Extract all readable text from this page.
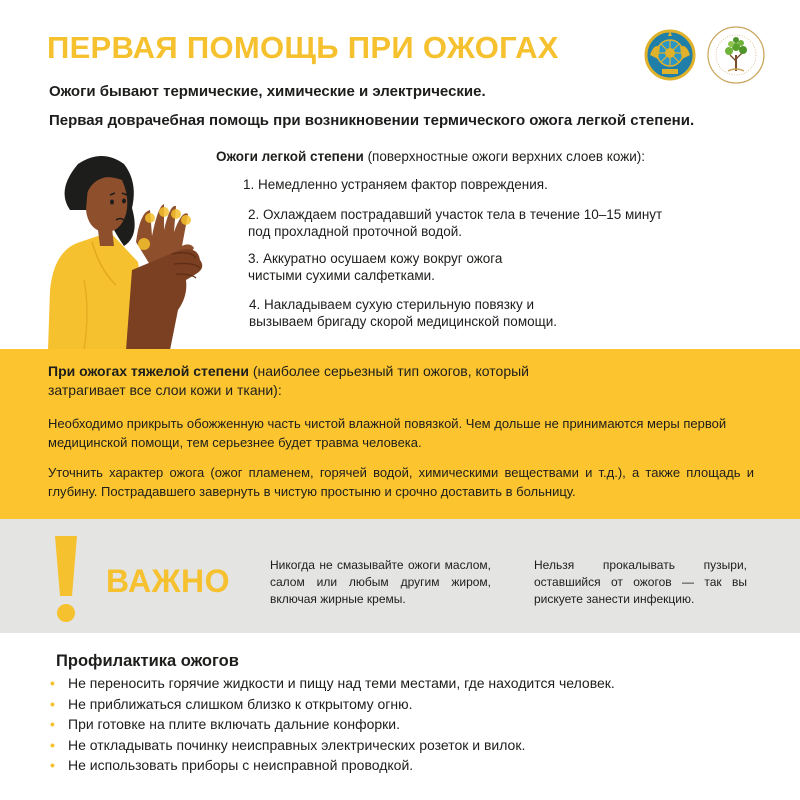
ПЕРВАЯ ПОМОЩЬ ПРИ ОЖОГАХ
Ожоги бывают термические, химические и электрические.
Первая доврачебная помощь при возникновении термического ожога легкой степени.
Ожоги легкой степени (поверхностные ожоги верхних слоев кожи):
1. Немедленно устраняем фактор повреждения.
2. Охлаждаем пострадавший участок тела в течение 10–15 минут
под прохладной проточной водой.
3. Аккуратно осушаем кожу вокруг ожога
чистыми сухими салфетками.
4. Накладываем сухую стерильную повязку и
вызываем бригаду скорой медицинской помощи.
При ожогах тяжелой степени (наиболее серьезный тип ожогов, который затрагивает все слои кожи и ткани):
Необходимо прикрыть обожженную часть чистой влажной повязкой. Чем дольше не принимаются меры первой медицинской помощи, тем серьезнее будет травма человека.
Уточнить характер ожога (ожог пламенем, горячей водой, химическими веществами и т.д.), а также площадь и глубину. Пострадавшего завернуть в чистую простыню и срочно доставить в больницу.
ВАЖНО	Никогда не смазывайте ожоги маслом, салом или любым другим жиром, включая жирные кремы.
Нельзя прокалывать пузыри, оставшийся от ожогов — так вы рискуете занести инфекцию.
Профилактика ожогов
• Не переносить горячие жидкости и пищу над теми местами, где находится человек.
• Не приближаться слишком близко к открытому огню.
• При готовке на плите включать дальние конфорки.
• Не откладывать починку неисправных электрических розеток и вилок.
• Не использовать приборы с неисправной проводкой.
